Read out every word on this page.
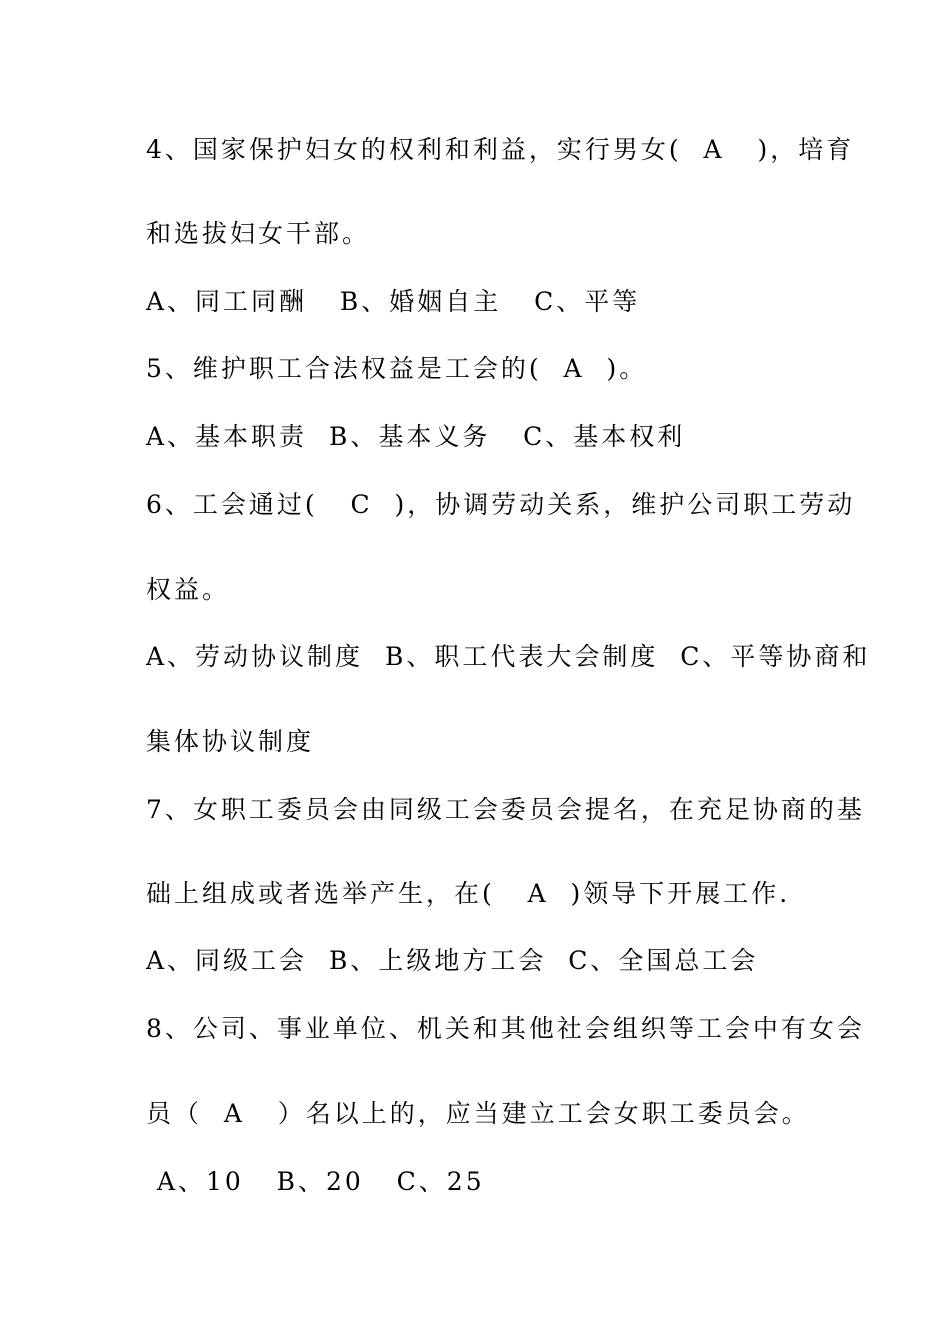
4、国家保护妇女的权利和利益，实行男女(  A   )，培育
和选拔妇女干部。
A、同工同酬   B、婚姻自主   C、平等
5、维护职工合法权益是工会的(  A  )。
A、基本职责  B、基本义务   C、基本权利
6、工会通过(   C  )，协调劳动关系，维护公司职工劳动
权益。
A、劳动协议制度  B、职工代表大会制度  C、平等协商和
集体协议制度
7、女职工委员会由同级工会委员会提名，在充足协商的基
础上组成或者选举产生，在(   A  )领导下开展工作.
A、同级工会  B、上级地方工会  C、全国总工会
8、公司、事业单位、机关和其他社会组织等工会中有女会
员（  A   ）名以上的，应当建立工会女职工委员会。
A、10   B、20   C、25
